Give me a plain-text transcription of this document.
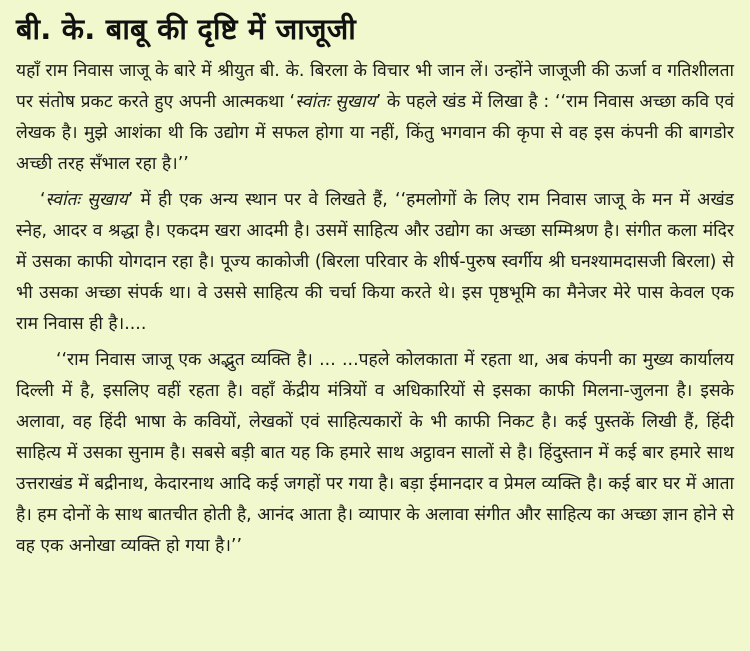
बी. के. बाबू की दृष्टि में जाजूजी

यहाँ राम निवास जाजू के बारे में श्रीयुत बी. के. बिरला के विचार भी जान लें। उन्होंने जाजूजी की ऊर्जा व गतिशीलता पर संतोष प्रकट करते हुए अपनी आत्मकथा ‘स्वांतः सुखाय’ के पहले खंड में लिखा है : ‘‘राम निवास अच्छा कवि एवं लेखक है। मुझे आशंका थी कि उद्योग में सफल होगा या नहीं, किंतु भगवान की कृपा से वह इस कंपनी की बागडोर अच्छी तरह सँभाल रहा है।’’

‘स्वांतः सुखाय’ में ही एक अन्य स्थान पर वे लिखते हैं, ‘‘हमलोगों के लिए राम निवास जाजू के मन में अखंड स्नेह, आदर व श्रद्धा है। एकदम खरा आदमी है। उसमें साहित्य और उद्योग का अच्छा सम्मिश्रण है। संगीत कला मंदिर में उसका काफी योगदान रहा है। पूज्य काकोजी (बिरला परिवार के शीर्ष-पुरुष स्वर्गीय श्री घनश्यामदासजी बिरला) से भी उसका अच्छा संपर्क था। वे उससे साहित्य की चर्चा किया करते थे। इस पृष्ठभूमि का मैनेजर मेरे पास केवल एक राम निवास ही है।....

‘‘राम निवास जाजू एक अद्भुत व्यक्ति है। ... ...पहले कोलकाता में रहता था, अब कंपनी का मुख्य कार्यालय दिल्ली में है, इसलिए वहीं रहता है। वहाँ केंद्रीय मंत्रियों व अधिकारियों से इसका काफी मिलना-जुलना है। इसके अलावा, वह हिंदी भाषा के कवियों, लेखकों एवं साहित्यकारों के भी काफी निकट है। कई पुस्तकें लिखी हैं, हिंदी साहित्य में उसका सुनाम है। सबसे बड़ी बात यह कि हमारे साथ अट्ठावन सालों से है। हिंदुस्तान में कई बार हमारे साथ उत्तराखंड में बद्रीनाथ, केदारनाथ आदि कई जगहों पर गया है। बड़ा ईमानदार व प्रेमल व्यक्ति है। कई बार घर में आता है। हम दोनों के साथ बातचीत होती है, आनंद आता है। व्यापार के अलावा संगीत और साहित्य का अच्छा ज्ञान होने से वह एक अनोखा व्यक्ति हो गया है।’’
